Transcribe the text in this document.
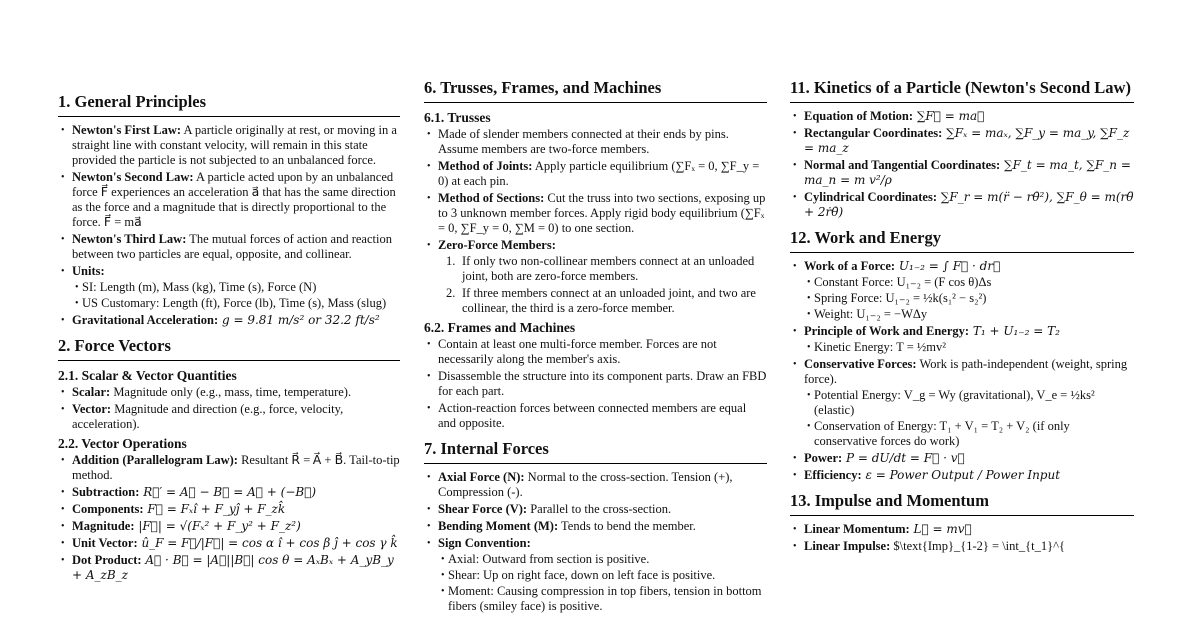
1. General Principles
• Newton's First Law: A particle originally at rest, or moving in a straight line with constant velocity, will remain in this state provided the particle is not subjected to an unbalanced force.
• Newton's Second Law: A particle acted upon by an unbalanced force F⃗ experiences an acceleration a⃗ that has the same direction as the force and a magnitude that is directly proportional to the force. F⃗ = ma⃗
• Newton's Third Law: The mutual forces of action and reaction between two particles are equal, opposite, and collinear.
• Units:
• SI: Length (m), Mass (kg), Time (s), Force (N)
• US Customary: Length (ft), Force (lb), Time (s), Mass (slug)
• Gravitational Acceleration: g = 9.81 m/s² or 32.2 ft/s²
2. Force Vectors
2.1. Scalar & Vector Quantities
• Scalar: Magnitude only (e.g., mass, time, temperature).
• Vector: Magnitude and direction (e.g., force, velocity, acceleration).
2.2. Vector Operations
• Addition (Parallelogram Law): Resultant R⃗ = A⃗ + B⃗. Tail-to-tip method.
• Subtraction: R⃗′ = A⃗ − B⃗ = A⃗ + (−B⃗)
• Components: F⃗ = Fₓî + F_yĵ + F_zk̂
• Magnitude: |F⃗| = √(Fₓ² + F_y² + F_z²)
• Unit Vector: û_F = F⃗/|F⃗| = cos α î + cos β ĵ + cos γ k̂
• Dot Product: A⃗ · B⃗ = |A⃗||B⃗| cos θ = AₓBₓ + A_yB_y + A_zB_z
6. Trusses, Frames, and Machines
6.1. Trusses
• Made of slender members connected at their ends by pins. Assume members are two-force members.
• Method of Joints: Apply particle equilibrium (∑Fₓ = 0, ∑F_y = 0) at each pin.
• Method of Sections: Cut the truss into two sections, exposing up to 3 unknown member forces. Apply rigid body equilibrium (∑Fₓ = 0, ∑F_y = 0, ∑M = 0) to one section.
• Zero-Force Members:
1. If only two non-collinear members connect at an unloaded joint, both are zero-force members.
2. If three members connect at an unloaded joint, and two are collinear, the third is a zero-force member.
6.2. Frames and Machines
• Contain at least one multi-force member. Forces are not necessarily along the member's axis.
• Disassemble the structure into its component parts. Draw an FBD for each part.
• Action-reaction forces between connected members are equal and opposite.
7. Internal Forces
• Axial Force (N): Normal to the cross-section. Tension (+), Compression (-).
• Shear Force (V): Parallel to the cross-section.
• Bending Moment (M): Tends to bend the member.
• Sign Convention:
• Axial: Outward from section is positive.
• Shear: Up on right face, down on left face is positive.
• Moment: Causing compression in top fibers, tension in bottom fibers (smiley face) is positive.
11. Kinetics of a Particle (Newton's Second Law)
• Equation of Motion: ∑F⃗ = ma⃗
• Rectangular Coordinates: ∑Fₓ = maₓ, ∑F_y = ma_y, ∑F_z = ma_z
• Normal and Tangential Coordinates: ∑F_t = ma_t, ∑F_n = ma_n = m v²/ρ
• Cylindrical Coordinates: ∑F_r = m(r̈ − rθ̇²), ∑F_θ = m(rθ̈ + 2ṙθ̇)
12. Work and Energy
• Work of a Force: U₁₋₂ = ∫ F⃗ · dr⃗
• Constant Force: U₁₋₂ = (F cos θ)Δs
• Spring Force: U₁₋₂ = ½k(s₁² − s₂²)
• Weight: U₁₋₂ = −WΔy
• Principle of Work and Energy: T₁ + U₁₋₂ = T₂
• Kinetic Energy: T = ½mv²
• Conservative Forces: Work is path-independent (weight, spring force).
• Potential Energy: V_g = Wy (gravitational), V_e = ½ks² (elastic)
• Conservation of Energy: T₁ + V₁ = T₂ + V₂ (if only conservative forces do work)
• Power: P = dU/dt = F⃗ · v⃗
• Efficiency: ε = Power Output / Power Input
13. Impulse and Momentum
• Linear Momentum: L⃗ = mv⃗
• Linear Impulse: $\text{Imp}_{1-2} = \int_{t_1}^{
